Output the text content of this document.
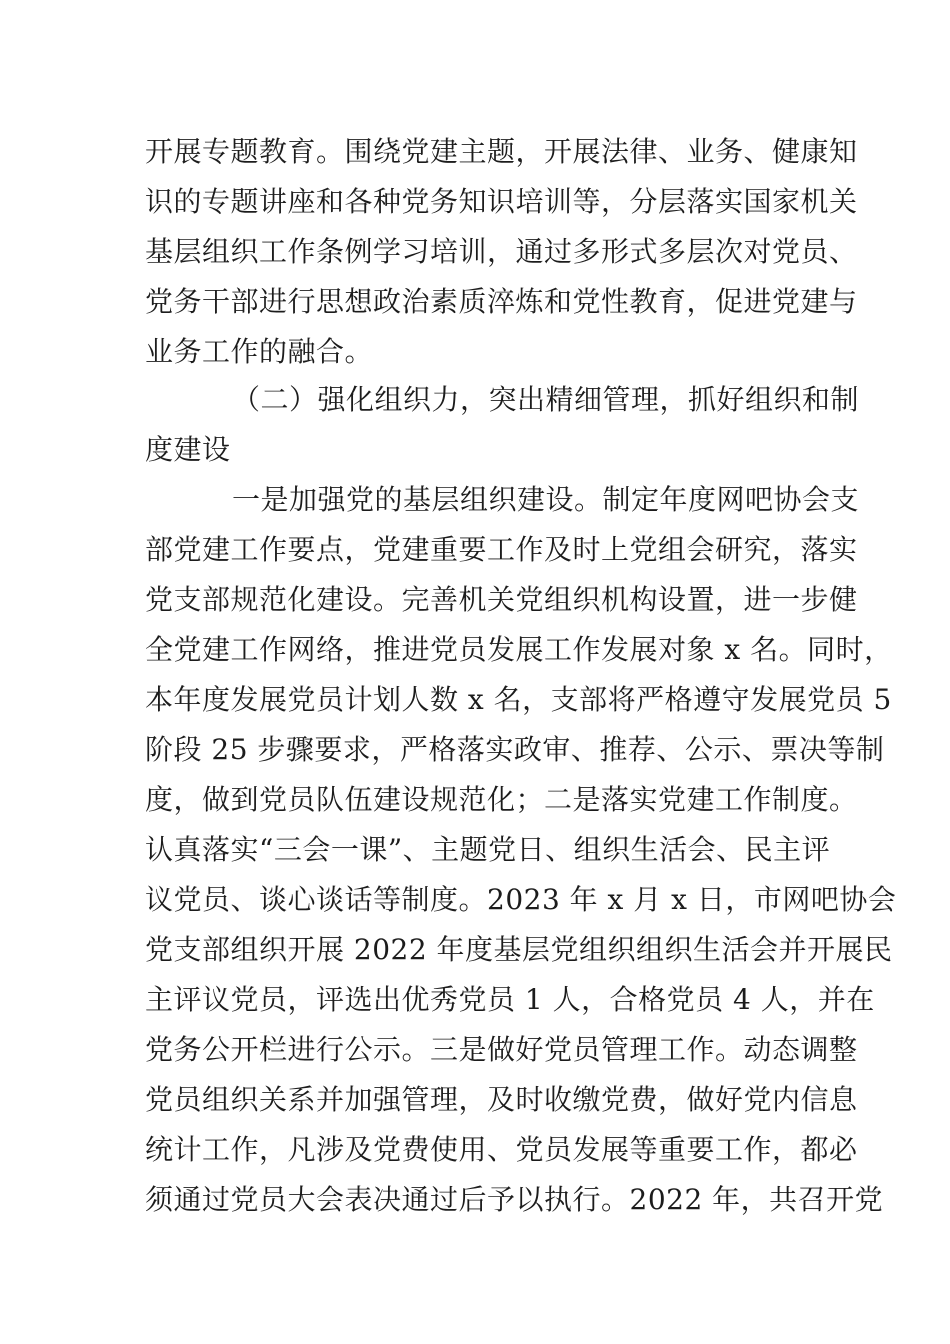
开展专题教育。围绕党建主题，开展法律、业务、健康知
识的专题讲座和各种党务知识培训等，分层落实国家机关
基层组织工作条例学习培训，通过多形式多层次对党员、
党务干部进行思想政治素质淬炼和党性教育，促进党建与
业务工作的融合。
（二）强化组织力，突出精细管理，抓好组织和制
度建设
一是加强党的基层组织建设。制定年度网吧协会支
部党建工作要点，党建重要工作及时上党组会研究，落实
党支部规范化建设。完善机关党组织机构设置，进一步健
全党建工作网络，推进党员发展工作发展对象 x 名。同时，
本年度发展党员计划人数 x 名，支部将严格遵守发展党员 5
阶段 25 步骤要求，严格落实政审、推荐、公示、票决等制
度，做到党员队伍建设规范化；二是落实党建工作制度。
认真落实“三会一课”、主题党日、组织生活会、民主评
议党员、谈心谈话等制度。2023 年 x 月 x 日，市网吧协会
党支部组织开展 2022 年度基层党组织组织生活会并开展民
主评议党员，评选出优秀党员 1 人，合格党员 4 人，并在
党务公开栏进行公示。三是做好党员管理工作。动态调整
党员组织关系并加强管理，及时收缴党费，做好党内信息
统计工作，凡涉及党费使用、党员发展等重要工作，都必
须通过党员大会表决通过后予以执行。2022 年，共召开党
